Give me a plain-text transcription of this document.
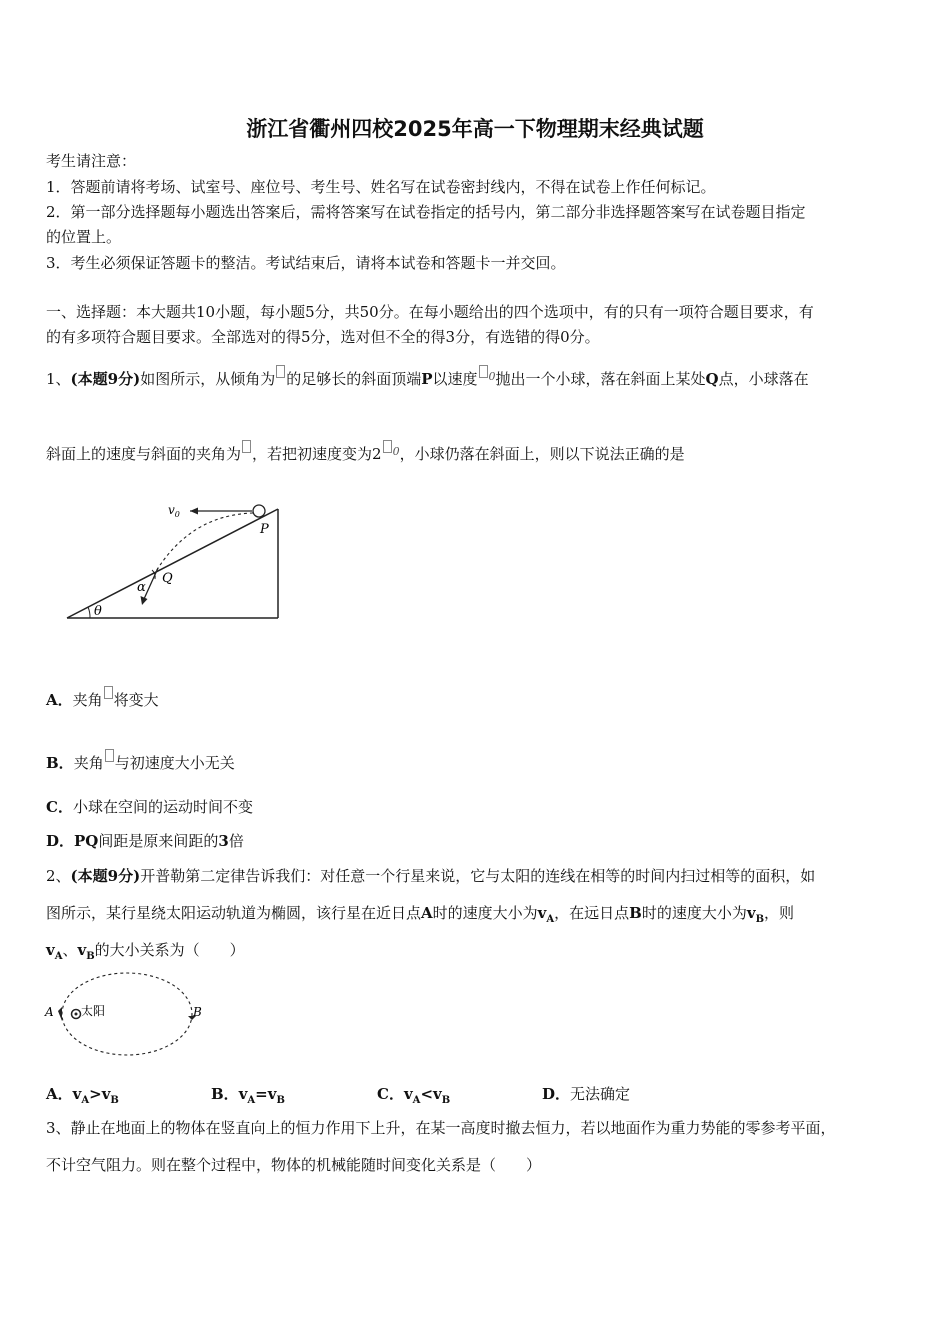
浙江省衢州四校2025年高一下物理期末经典试题
考生请注意：
1．答题前请将考场、试室号、座位号、考生号、姓名写在试卷密封线内，不得在试卷上作任何标记。
2．第一部分选择题每小题选出答案后，需将答案写在试卷指定的括号内，第二部分非选择题答案写在试卷题目指定
的位置上。
3．考生必须保证答题卡的整洁。考试结束后，请将本试卷和答题卡一并交回。
一、选择题：本大题共10小题，每小题5分，共50分。在每小题给出的四个选项中，有的只有一项符合题目要求，有
的有多项符合题目要求。全部选对的得5分，选对但不全的得3分，有选错的得0分。
1、(本题9分)如图所示，从倾角为 的足够长的斜面顶端P以速度 $^0$抛出一个小球，落在斜面上某处Q点，小球落在
斜面上的速度与斜面的夹角为 ，若把初速度变为2 $^0$，小球仍落在斜面上，则以下说法正确的是
θ
$v_0$
P
Q
α
A．夹角 将变大
B．夹角 与初速度大小无关
C．小球在空间的运动时间不变
D．PQ间距是原来间距的3倍
2、(本题9分)开普勒第二定律告诉我们：对任意一个行星来说，它与太阳的连线在相等的时间内扫过相等的面积，如
图所示，某行星绕太阳运动轨道为椭圆，该行星在近日点A时的速度大小为$v_A$，在远日点B时的速度大小为$v_B$，则
$v_A$、$v_B$的大小关系为（　　）
太阳
A	B
A．$v_A>v_B$	B．$v_A=v_B$	C．$v_A<v_B$	D．无法确定
3、静止在地面上的物体在竖直向上的恒力作用下上升，在某一高度时撤去恒力，若以地面作为重力势能的零参考平面，
不计空气阻力。则在整个过程中，物体的机械能随时间变化关系是（　　）
